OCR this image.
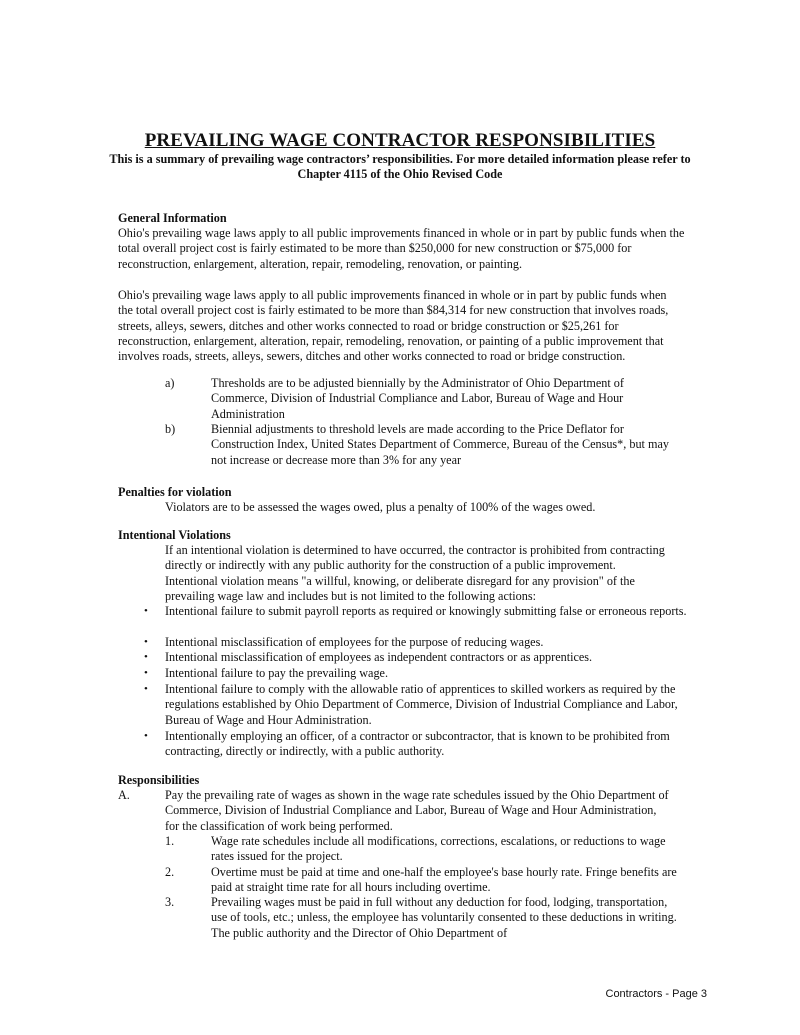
PREVAILING WAGE CONTRACTOR RESPONSIBILITIES
This is a summary of prevailing wage contractors’ responsibilities. For more detailed information please refer to Chapter 4115 of the Ohio Revised Code
General Information
Ohio's prevailing wage laws apply to all public improvements financed in whole or in part by public funds when the total overall project cost is fairly estimated to be more than $250,000 for new construction or $75,000 for reconstruction, enlargement, alteration, repair, remodeling, renovation, or painting.
Ohio's prevailing wage laws apply to all public improvements financed in whole or in part by public funds when the total overall project cost is fairly estimated to be more than $84,314 for new construction that involves roads, streets, alleys, sewers, ditches and other works connected to road or bridge construction or $25,261 for reconstruction, enlargement, alteration, repair, remodeling, renovation, or painting of a public improvement that involves roads, streets, alleys, sewers, ditches and other works connected to road or bridge construction.
a)	Thresholds are to be adjusted biennially by the Administrator of Ohio Department of Commerce, Division of Industrial Compliance and Labor, Bureau of Wage and Hour Administration
b)	Biennial adjustments to threshold levels are made according to the Price Deflator for Construction Index, United States Department of Commerce, Bureau of the Census*, but may not increase or decrease more than 3% for any year
Penalties for violation
Violators are to be assessed the wages owed, plus a penalty of 100% of the wages owed.
Intentional Violations
If an intentional violation is determined to have occurred, the contractor is prohibited from contracting directly or indirectly with any public authority for the construction of a public improvement. Intentional violation means "a willful, knowing, or deliberate disregard for any provision" of the prevailing wage law and includes but is not limited to the following actions:
• Intentional failure to submit payroll reports as required or knowingly submitting false or erroneous reports.
• Intentional misclassification of employees for the purpose of reducing wages.
• Intentional misclassification of employees as independent contractors or as apprentices.
• Intentional failure to pay the prevailing wage.
• Intentional failure to comply with the allowable ratio of apprentices to skilled workers as required by the regulations established by Ohio Department of Commerce, Division of Industrial Compliance and Labor, Bureau of Wage and Hour Administration.
• Intentionally employing an officer, of a contractor or subcontractor, that is known to be prohibited from contracting, directly or indirectly, with a public authority.
Responsibilities
A.	Pay the prevailing rate of wages as shown in the wage rate schedules issued by the Ohio Department of Commerce, Division of Industrial Compliance and Labor, Bureau of Wage and Hour Administration, for the classification of work being performed.
1.	Wage rate schedules include all modifications, corrections, escalations, or reductions to wage rates issued for the project.
2.	Overtime must be paid at time and one-half the employee's base hourly rate. Fringe benefits are paid at straight time rate for all hours including overtime.
3.	Prevailing wages must be paid in full without any deduction for food, lodging, transportation, use of tools, etc.; unless, the employee has voluntarily consented to these deductions in writing. The public authority and the Director of Ohio Department of
Contractors - Page 3
